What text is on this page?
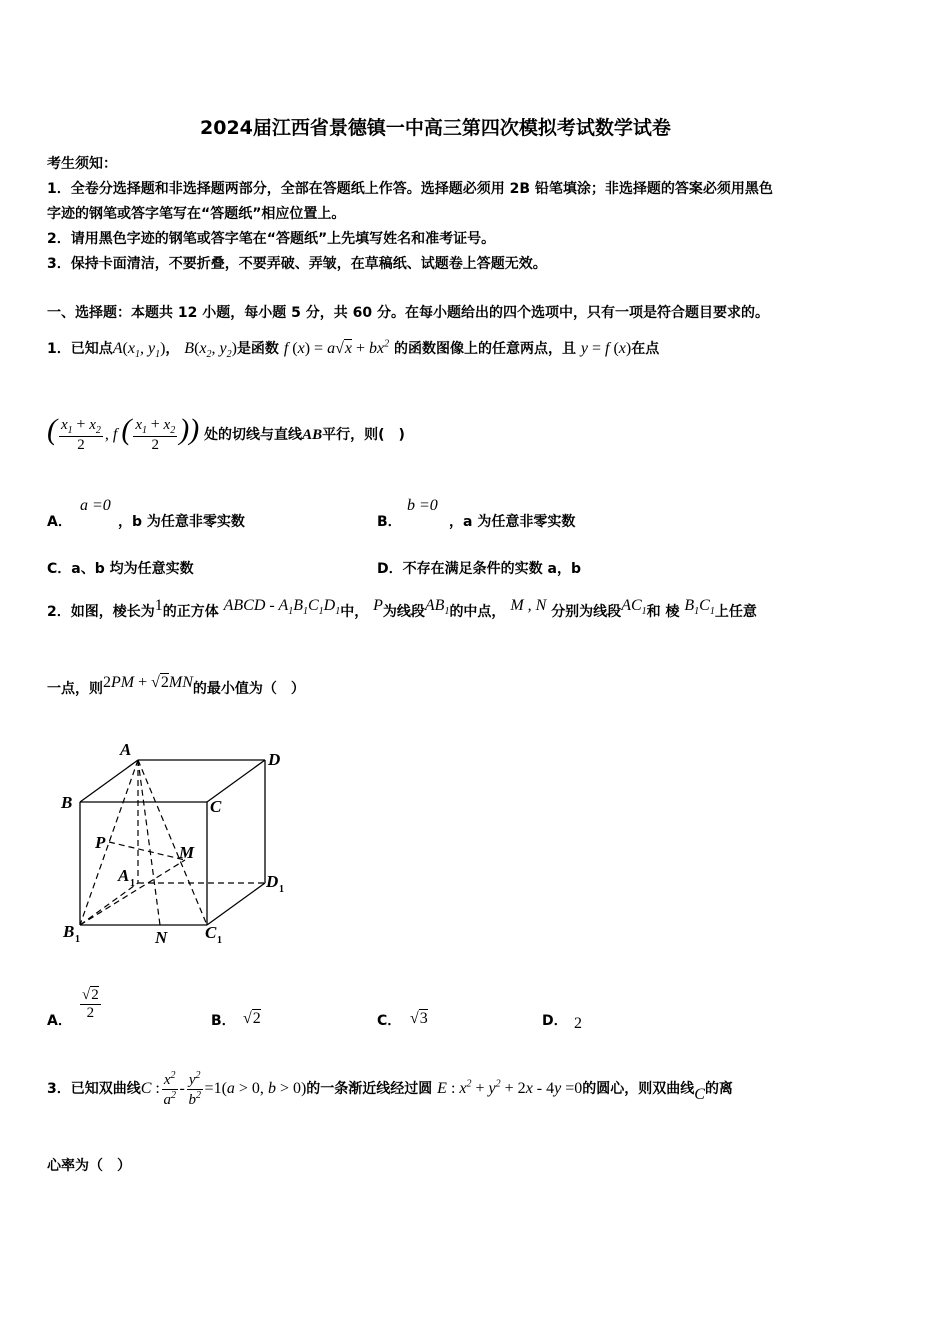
2024届江西省景德镇一中高三第四次模拟考试数学试卷
考生须知：
1．全卷分选择题和非选择题两部分，全部在答题纸上作答。选择题必须用 2B 铅笔填涂；非选择题的答案必须用黑色
字迹的钢笔或答字笔写在“答题纸”相应位置上。
2．请用黑色字迹的钢笔或答字笔在“答题纸”上先填写姓名和准考证号。
3．保持卡面清洁，不要折叠，不要弄破、弄皱，在草稿纸、试题卷上答题无效。
一、选择题：本题共 12 小题，每小题 5 分，共 60 分。在每小题给出的四个选项中，只有一项是符合题目要求的。
1．已知点$A(x_1$, $y_1$)， $B(x_2$, $y_2$)是函数 f $(x) = a√x + bx^2$ 的函数图像上的任意两点，且 y = f (x)在点
( $\frac{x_1 + x_2}{2}$ , f ( $\frac{x_1 + x_2}{2}$ )) 处的切线与直线AB平行，则(　)
A．
a =0
，b 为任意非零实数	B．
b =0
，a 为任意非零实数
C．a、b 均为任意实数	D．不存在满足条件的实数 a，b
2．如图，棱长为1的正方体 ABCD - $A_1B_1C_1D_1$中， P为线段$AB_1$的中点， M , N 分别为线段$AC_1$和 棱 $B_1C_1$上任意
一点，则2PM + √2MN的最小值为（　）
A
D
B	C
P
M
A 1	D 1
B 1	N C 1
A． $\frac{√2}{2}$	B． √2	C． √3	D． 2
3．已知双曲线C : $\frac{x^2}{a^2} - \frac{y^2}{b^2} =1(a > 0$, b > 0)的一条渐近线经过圆 E : $x^2 + y^2 + 2x - 4y =0$的圆心，则双曲线C的离
心率为（　）
